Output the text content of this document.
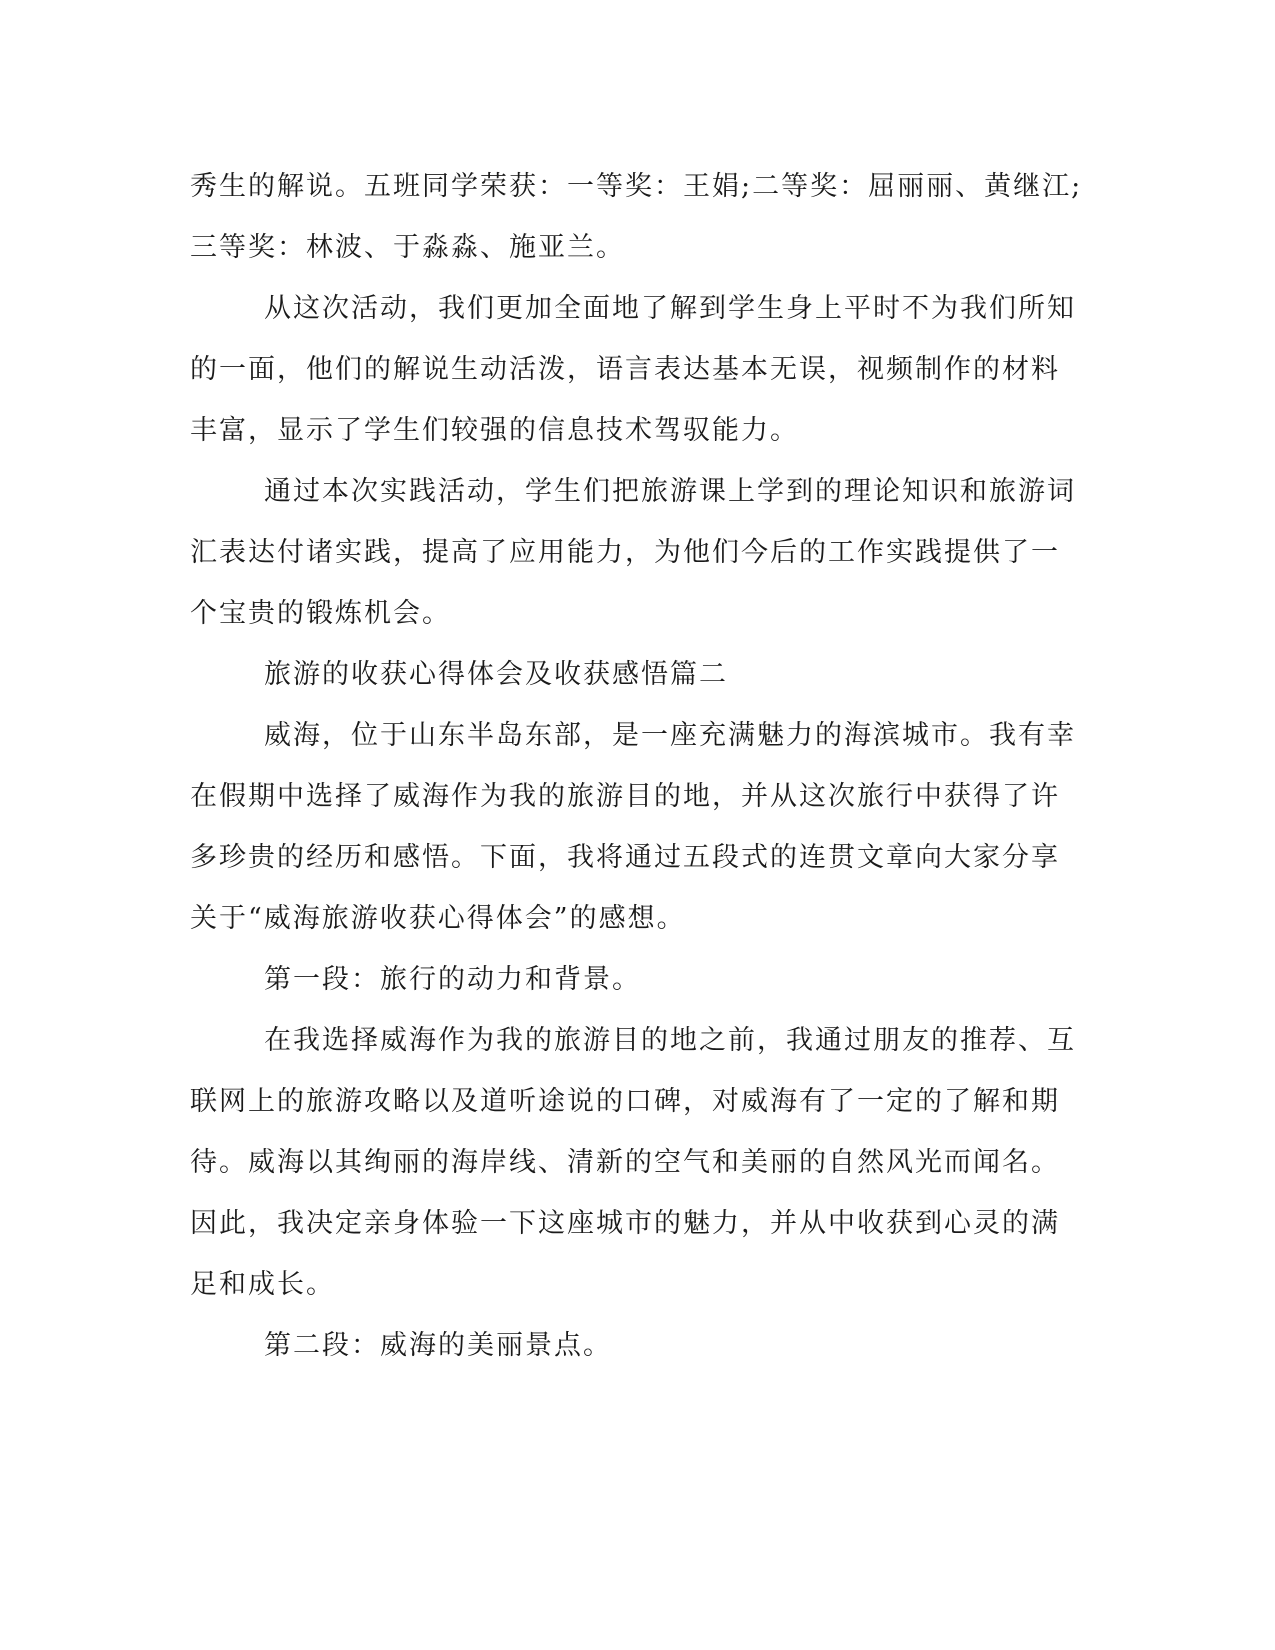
秀生的解说。五班同学荣获：一等奖：王娟;二等奖：屈丽丽、黄继江;三等奖：林波、于淼淼、施亚兰。

从这次活动，我们更加全面地了解到学生身上平时不为我们所知的一面，他们的解说生动活泼，语言表达基本无误，视频制作的材料丰富，显示了学生们较强的信息技术驾驭能力。

通过本次实践活动，学生们把旅游课上学到的理论知识和旅游词汇表达付诸实践，提高了应用能力，为他们今后的工作实践提供了一个宝贵的锻炼机会。

旅游的收获心得体会及收获感悟篇二

威海，位于山东半岛东部，是一座充满魅力的海滨城市。我有幸在假期中选择了威海作为我的旅游目的地，并从这次旅行中获得了许多珍贵的经历和感悟。下面，我将通过五段式的连贯文章向大家分享关于“威海旅游收获心得体会”的感想。

第一段：旅行的动力和背景。

在我选择威海作为我的旅游目的地之前，我通过朋友的推荐、互联网上的旅游攻略以及道听途说的口碑，对威海有了一定的了解和期待。威海以其绚丽的海岸线、清新的空气和美丽的自然风光而闻名。因此，我决定亲身体验一下这座城市的魅力，并从中收获到心灵的满足和成长。

第二段：威海的美丽景点。
